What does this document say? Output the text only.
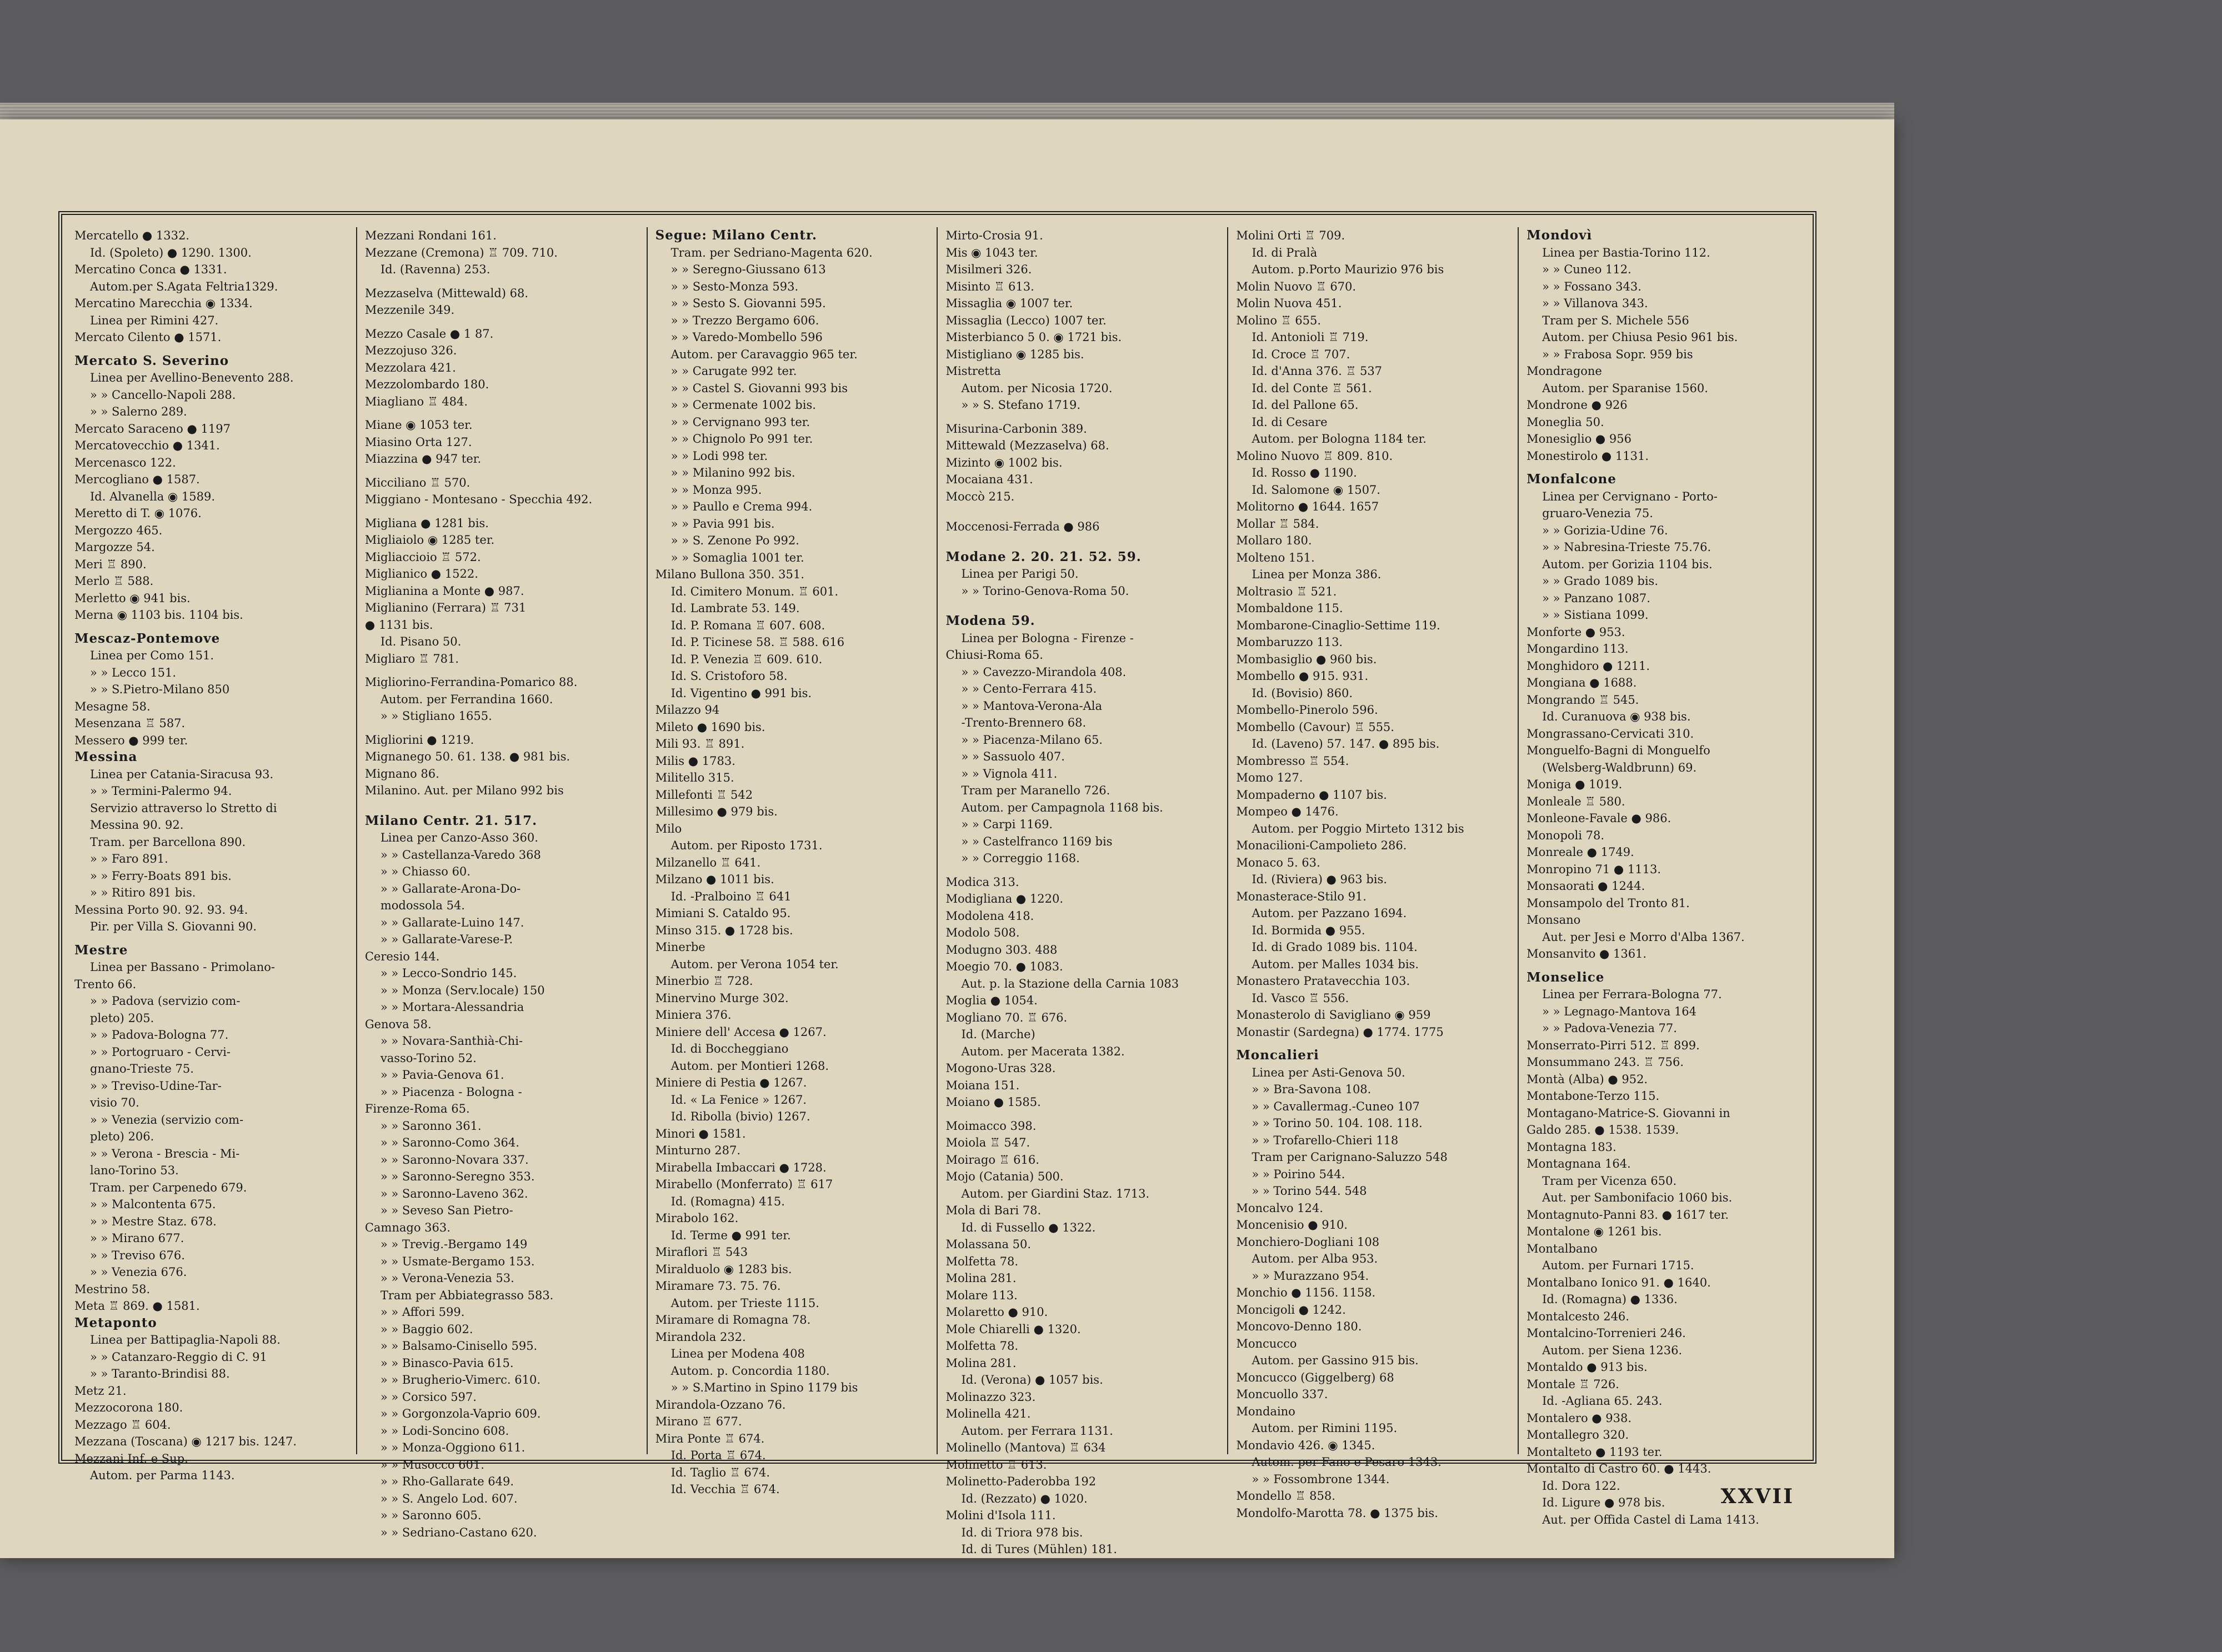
Mercatello ● 1332.
Id. (Spoleto) ● 1290. 1300.
Mercatino Conca ● 1331.
Autom.per S.Agata Feltria1329.
Mercatino Marecchia ◉ 1334.
Linea per Rimini 427.
Mercato Cilento ● 1571.
Mercato S. Severino
Linea per Avellino-Benevento 288.
» » Cancello-Napoli 288.
» » Salerno 289.
Mercato Saraceno ● 1197
Mercatovecchio ● 1341.
Mercenasco 122.
Mercogliano ● 1587.
Id. Alvanella ◉ 1589.
Meretto di T. ◉ 1076.
Mergozzo 465.
Margozze 54.
Meri ♖ 890.
Merlo ♖ 588.
Merletto ◉ 941 bis.
Merna ◉ 1103 bis. 1104 bis.
Mescaz-Pontemove
Linea per Como 151.
» » Lecco 151.
» » S.Pietro-Milano 850
Mesagne 58.
Mesenzana ♖ 587.
Messero ● 999 ter.
Messina
Linea per Catania-Siracusa 93.
» » Termini-Palermo 94.
Servizio attraverso lo Stretto di
Messina 90. 92.
Tram. per Barcellona 890.
» » Faro 891.
» » Ferry-Boats 891 bis.
» » Ritiro 891 bis.
Messina Porto 90. 92. 93. 94.
Pir. per Villa S. Giovanni 90.
Mestre
Linea per Bassano - Primolano-
Trento 66.
» » Padova (servizio com-
pleto) 205.
» » Padova-Bologna 77.
» » Portogruaro - Cervi-
gnano-Trieste 75.
» » Treviso-Udine-Tar-
visio 70.
» » Venezia (servizio com-
pleto) 206.
» » Verona - Brescia - Mi-
lano-Torino 53.
Tram. per Carpenedo 679.
» » Malcontenta 675.
» » Mestre Staz. 678.
» » Mirano 677.
» » Treviso 676.
» » Venezia 676.
Mestrino 58.
Meta ♖ 869. ● 1581.
Metaponto
Linea per Battipaglia-Napoli 88.
» » Catanzaro-Reggio di C. 91
» » Taranto-Brindisi 88.
Metz 21.
Mezzocorona 180.
Mezzago ♖ 604.
Mezzana (Toscana) ◉ 1217 bis. 1247.
Mezzani Inf. e Sup.
Autom. per Parma 1143.
Mezzani Rondani 161.
Mezzane (Cremona) ♖ 709. 710.
Id. (Ravenna) 253.
Mezzaselva (Mittewald) 68.
Mezzenile 349.
Mezzo Casale ● 1 87.
Mezzojuso 326.
Mezzolara 421.
Mezzolombardo 180.
Miagliano ♖ 484.
Miane ◉ 1053 ter.
Miasino Orta 127.
Miazzina ● 947 ter.
Micciliano ♖ 570.
Miggiano - Montesano - Specchia 492.
Migliana ● 1281 bis.
Migliaiolo ◉ 1285 ter.
Migliaccioio ♖ 572.
Miglianico ● 1522.
Miglianina a Monte ● 987.
Miglianino (Ferrara) ♖ 731
● 1131 bis.
Id. Pisano 50.
Migliaro ♖ 781.
Migliorino-Ferrandina-Pomarico 88.
Autom. per Ferrandina 1660.
» » Stigliano 1655.
Migliorini ● 1219.
Mignanego 50. 61. 138. ● 981 bis.
Mignano 86.
Milanino. Aut. per Milano 992 bis
Milano Centr. 21. 517.
Linea per Canzo-Asso 360.
» » Castellanza-Varedo 368
» » Chiasso 60.
» » Gallarate-Arona-Do-
modossola 54.
» » Gallarate-Luino 147.
» » Gallarate-Varese-P.
Ceresio 144.
» » Lecco-Sondrio 145.
» » Monza (Serv.locale) 150
» » Mortara-Alessandria
Genova 58.
» » Novara-Santhià-Chi-
vasso-Torino 52.
» » Pavia-Genova 61.
» » Piacenza - Bologna -
Firenze-Roma 65.
» » Saronno 361.
» » Saronno-Como 364.
» » Saronno-Novara 337.
» » Saronno-Seregno 353.
» » Saronno-Laveno 362.
» » Seveso San Pietro-
Camnago 363.
» » Trevig.-Bergamo 149
» » Usmate-Bergamo 153.
» » Verona-Venezia 53.
Tram per Abbiategrasso 583.
» » Affori 599.
» » Baggio 602.
» » Balsamo-Cinisello 595.
» » Binasco-Pavia 615.
» » Brugherio-Vimerc. 610.
» » Corsico 597.
» » Gorgonzola-Vaprio 609.
» » Lodi-Soncino 608.
» » Monza-Oggiono 611.
» » Musocco 601.
» » Rho-Gallarate 649.
» » S. Angelo Lod. 607.
» » Saronno 605.
» » Sedriano-Castano 620.
Segue: Milano Centr.
Tram. per Sedriano-Magenta 620.
» » Seregno-Giussano 613
» » Sesto-Monza 593.
» » Sesto S. Giovanni 595.
» » Trezzo Bergamo 606.
» » Varedo-Mombello 596
Autom. per Caravaggio 965 ter.
» » Carugate 992 ter.
» » Castel S. Giovanni 993 bis
» » Cermenate 1002 bis.
» » Cervignano 993 ter.
» » Chignolo Po 991 ter.
» » Lodi 998 ter.
» » Milanino 992 bis.
» » Monza 995.
» » Paullo e Crema 994.
» » Pavia 991 bis.
» » S. Zenone Po 992.
» » Somaglia 1001 ter.
Milano Bullona 350. 351.
Id. Cimitero Monum. ♖ 601.
Id. Lambrate 53. 149.
Id. P. Romana ♖ 607. 608.
Id. P. Ticinese 58. ♖ 588. 616
Id. P. Venezia ♖ 609. 610.
Id. S. Cristoforo 58.
Id. Vigentino ● 991 bis.
Milazzo 94
Mileto ● 1690 bis.
Mili 93. ♖ 891.
Milis ● 1783.
Militello 315.
Millefonti ♖ 542
Millesimo ● 979 bis.
Milo
Autom. per Riposto 1731.
Milzanello ♖ 641.
Milzano ● 1011 bis.
Id. -Pralboino ♖ 641
Mimiani S. Cataldo 95.
Minso 315. ● 1728 bis.
Minerbe
Autom. per Verona 1054 ter.
Minerbio ♖ 728.
Minervino Murge 302.
Miniera 376.
Miniere dell' Accesa ● 1267.
Id. di Boccheggiano
Autom. per Montieri 1268.
Miniere di Pestia ● 1267.
Id. « La Fenice » 1267.
Id. Ribolla (bivio) 1267.
Minori ● 1581.
Minturno 287.
Mirabella Imbaccari ● 1728.
Mirabello (Monferrato) ♖ 617
Id. (Romagna) 415.
Mirabolo 162.
Id. Terme ● 991 ter.
Miraflori ♖ 543
Miralduolo ◉ 1283 bis.
Miramare 73. 75. 76.
Autom. per Trieste 1115.
Miramare di Romagna 78.
Mirandola 232.
Linea per Modena 408
Autom. p. Concordia 1180.
» » S.Martino in Spino 1179 bis
Mirandola-Ozzano 76.
Mirano ♖ 677.
Mira Ponte ♖ 674.
Id. Porta ♖ 674.
Id. Taglio ♖ 674.
Id. Vecchia ♖ 674.
Mirto-Crosia 91.
Mis ◉ 1043 ter.
Misilmeri 326.
Misinto ♖ 613.
Missaglia ◉ 1007 ter.
Missaglia (Lecco) 1007 ter.
Misterbianco 5 0. ◉ 1721 bis.
Mistigliano ◉ 1285 bis.
Mistretta
Autom. per Nicosia 1720.
» » S. Stefano 1719.
Misurina-Carbonin 389.
Mittewald (Mezzaselva) 68.
Mizinto ◉ 1002 bis.
Mocaiana 431.
Moccò 215.
Moccenosi-Ferrada ● 986
Modane 2. 20. 21. 52. 59.
Linea per Parigi 50.
» » Torino-Genova-Roma 50.
Modena 59.
Linea per Bologna - Firenze -
Chiusi-Roma 65.
» » Cavezzo-Mirandola 408.
» » Cento-Ferrara 415.
» » Mantova-Verona-Ala
-Trento-Brennero 68.
» » Piacenza-Milano 65.
» » Sassuolo 407.
» » Vignola 411.
Tram per Maranello 726.
Autom. per Campagnola 1168 bis.
» » Carpi 1169.
» » Castelfranco 1169 bis
» » Correggio 1168.
Modica 313.
Modigliana ● 1220.
Modolena 418.
Modolo 508.
Modugno 303. 488
Moegio 70. ● 1083.
Aut. p. la Stazione della Carnia 1083
Moglia ● 1054.
Mogliano 70. ♖ 676.
Id. (Marche)
Autom. per Macerata 1382.
Mogono-Uras 328.
Moiana 151.
Moiano ● 1585.
Moimacco 398.
Moiola ♖ 547.
Moirago ♖ 616.
Mojo (Catania) 500.
Autom. per Giardini Staz. 1713.
Mola di Bari 78.
Id. di Fussello ● 1322.
Molassana 50.
Molfetta 78.
Molina 281.
Molare 113.
Molaretto ● 910.
Mole Chiarelli ● 1320.
Molfetta 78.
Molina 281.
Id. (Verona) ● 1057 bis.
Molinazzo 323.
Molinella 421.
Autom. per Ferrara 1131.
Molinello (Mantova) ♖ 634
Molinetto ♖ 613.
Molinetto-Paderobba 192
Id. (Rezzato) ● 1020.
Molini d'Isola 111.
Id. di Triora 978 bis.
Id. di Tures (Mühlen) 181.
Molini Orti ♖ 709.
Id. di Pralà
Autom. p.Porto Maurizio 976 bis
Molin Nuovo ♖ 670.
Molin Nuova 451.
Molino ♖ 655.
Id. Antonioli ♖ 719.
Id. Croce ♖ 707.
Id. d'Anna 376. ♖ 537
Id. del Conte ♖ 561.
Id. del Pallone 65.
Id. di Cesare
Autom. per Bologna 1184 ter.
Molino Nuovo ♖ 809. 810.
Id. Rosso ● 1190.
Id. Salomone ◉ 1507.
Molitorno ● 1644. 1657
Mollar ♖ 584.
Mollaro 180.
Molteno 151.
Linea per Monza 386.
Moltrasio ♖ 521.
Mombaldone 115.
Mombarone-Cinaglio-Settime 119.
Mombaruzzo 113.
Mombasiglio ● 960 bis.
Mombello ● 915. 931.
Id. (Bovisio) 860.
Mombello-Pinerolo 596.
Mombello (Cavour) ♖ 555.
Id. (Laveno) 57. 147. ● 895 bis.
Mombresso ♖ 554.
Momo 127.
Mompaderno ● 1107 bis.
Mompeo ● 1476.
Autom. per Poggio Mirteto 1312 bis
Monacilioni-Campolieto 286.
Monaco 5. 63.
Id. (Riviera) ● 963 bis.
Monasterace-Stilo 91.
Autom. per Pazzano 1694.
Id. Bormida ● 955.
Id. di Grado 1089 bis. 1104.
Autom. per Malles 1034 bis.
Monastero Pratavecchia 103.
Id. Vasco ♖ 556.
Monasterolo di Savigliano ◉ 959
Monastir (Sardegna) ● 1774. 1775
Moncalieri
Linea per Asti-Genova 50.
» » Bra-Savona 108.
» » Cavallermag.-Cuneo 107
» » Torino 50. 104. 108. 118.
» » Trofarello-Chieri 118
Tram per Carignano-Saluzzo 548
» » Poirino 544.
» » Torino 544. 548
Moncalvo 124.
Moncenisio ● 910.
Monchiero-Dogliani 108
Autom. per Alba 953.
» » Murazzano 954.
Monchio ● 1156. 1158.
Moncigoli ● 1242.
Moncovo-Denno 180.
Moncucco
Autom. per Gassino 915 bis.
Moncucco (Giggelberg) 68
Moncuollo 337.
Mondaino
Autom. per Rimini 1195.
Mondavio 426. ◉ 1345.
Autom. per Fano e Pesaro 1343.
» » Fossombrone 1344.
Mondello ♖ 858.
Mondolfo-Marotta 78. ● 1375 bis.
Mondovì
Linea per Bastia-Torino 112.
» » Cuneo 112.
» » Fossano 343.
» » Villanova 343.
Tram per S. Michele 556
Autom. per Chiusa Pesio 961 bis.
» » Frabosa Sopr. 959 bis
Mondragone
Autom. per Sparanise 1560.
Mondrone ● 926
Moneglia 50.
Monesiglio ● 956
Monestirolo ● 1131.
Monfalcone
Linea per Cervignano - Porto-
gruaro-Venezia 75.
» » Gorizia-Udine 76.
» » Nabresina-Trieste 75.76.
Autom. per Gorizia 1104 bis.
» » Grado 1089 bis.
» » Panzano 1087.
» » Sistiana 1099.
Monforte ● 953.
Mongardino 113.
Monghidoro ● 1211.
Mongiana ● 1688.
Mongrando ♖ 545.
Id. Curanuova ◉ 938 bis.
Mongrassano-Cervicati 310.
Monguelfo-Bagni di Monguelfo
(Welsberg-Waldbrunn) 69.
Moniga ● 1019.
Monleale ♖ 580.
Monleone-Favale ● 986.
Monopoli 78.
Monreale ● 1749.
Monropino 71 ● 1113.
Monsaorati ● 1244.
Monsampolo del Tronto 81.
Monsano
Aut. per Jesi e Morro d'Alba 1367.
Monsanvito ● 1361.
Monselice
Linea per Ferrara-Bologna 77.
» » Legnago-Mantova 164
» » Padova-Venezia 77.
Monserrato-Pirri 512. ♖ 899.
Monsummano 243. ♖ 756.
Montà (Alba) ● 952.
Montabone-Terzo 115.
Montagano-Matrice-S. Giovanni in
Galdo 285. ● 1538. 1539.
Montagna 183.
Montagnana 164.
Tram per Vicenza 650.
Aut. per Sambonifacio 1060 bis.
Montagnuto-Panni 83. ● 1617 ter.
Montalone ◉ 1261 bis.
Montalbano
Autom. per Furnari 1715.
Montalbano Ionico 91. ● 1640.
Id. (Romagna) ● 1336.
Montalcesto 246.
Montalcino-Torrenieri 246.
Autom. per Siena 1236.
Montaldo ● 913 bis.
Montale ♖ 726.
Id. -Agliana 65. 243.
Montalero ● 938.
Montallegro 320.
Montalteto ● 1193 ter.
Montalto di Castro 60. ● 1443.
Id. Dora 122.
Id. Ligure ● 978 bis.
Aut. per Offida Castel di Lama 1413.
XXVII
